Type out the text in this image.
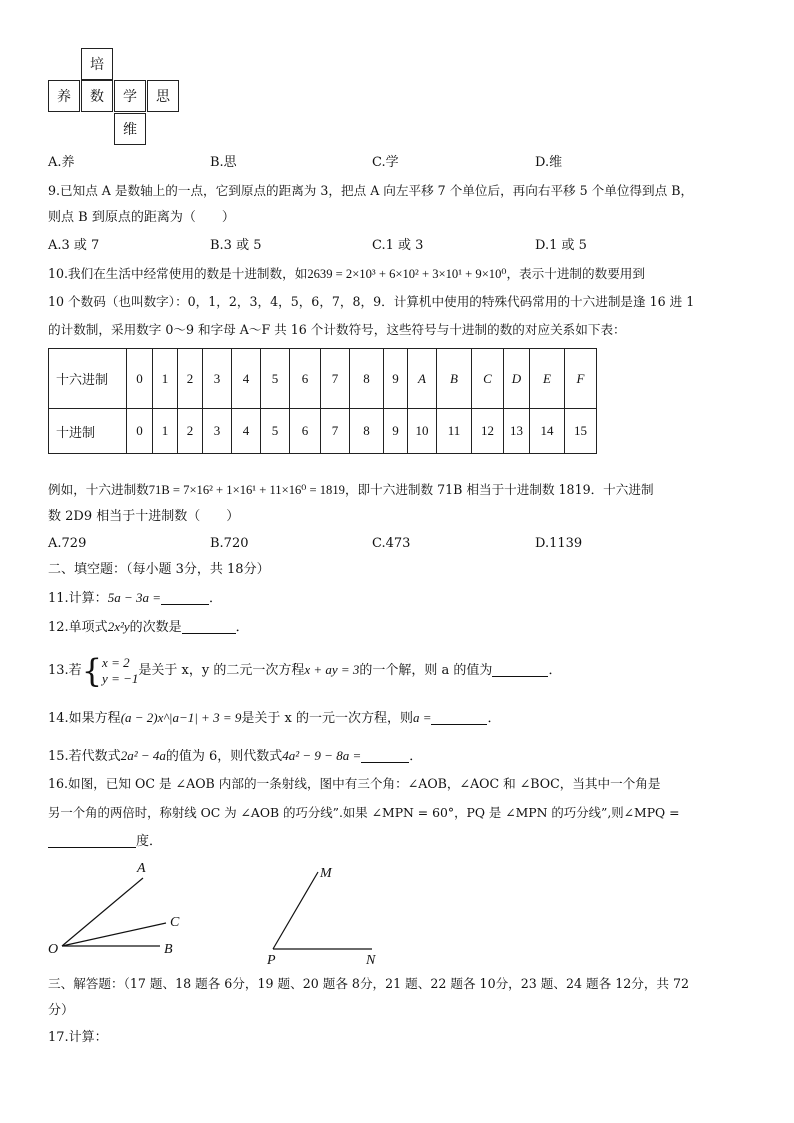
培
养	数	学	思
维
A.养	B.思	C.学	D.维
9.已知点 A 是数轴上的一点，它到原点的距离为 3，把点 A 向左平移 7 个单位后，再向右平移 5 个单位得到点 B，
则点 B 到原点的距离为（　　）
A.3 或 7	B.3 或 5	C.1 或 3	D.1 或 5
10.我们在生活中经常使用的数是十进制数，如2639 = 2×10³ + 6×10² + 3×10¹ + 9×10⁰，表示十进制的数要用到
10 个数码（也叫数字）：0，1，2，3，4，5，6，7，8，9．计算机中使用的特殊代码常用的十六进制是逢 16 进 1
的计数制，采用数字 0～9 和字母 A～F 共 16 个计数符号，这些符号与十进制的数的对应关系如下表：
十六进制	0	1	2	3	4	5	6	7	8	9	A	B	C	D	E	F
十进制	0	1	2	3	4	5	6	7	8	9	10	11	12	13	14	15
例如，十六进制数71B = 7×16² + 1×16¹ + 11×16⁰ = 1819，即十六进制数 71B 相当于十进制数 1819．十六进制
数 2D9 相当于十进制数（　　）
A.729	B.720	C.473	D.1139
二、填空题：（每小题 3分，共 18分）
11.计算：5a − 3a =	．
12.单项式2x²y的次数是	．
13.若{x = 2
y = −1是关于 x，y 的二元一次方程x + ay = 3的一个解，则 a 的值为	．
14.如果方程(a − 2)x^|a−1| + 3 = 9是关于 x 的一元一次方程，则a =	．
15.若代数式2a² − 4a的值为 6，则代数式4a² − 9 − 8a =	．
16.如图，已知 OC 是 ∠AOB 内部的一条射线，图中有三个角：∠AOB，∠AOC 和 ∠BOC，当其中一个角是
另一个角的两倍时，称射线 OC 为 ∠AOB 的巧分线”.如果 ∠MPN = 60°，PQ 是 ∠MPN 的巧分线”,则∠MPQ =
度．
A
C
O	B
M
P	N
三、解答题：（17 题、18 题各 6分，19 题、20 题各 8分，21 题、22 题各 10分，23 题、24 题各 12分，共 72
分）
17.计算：
